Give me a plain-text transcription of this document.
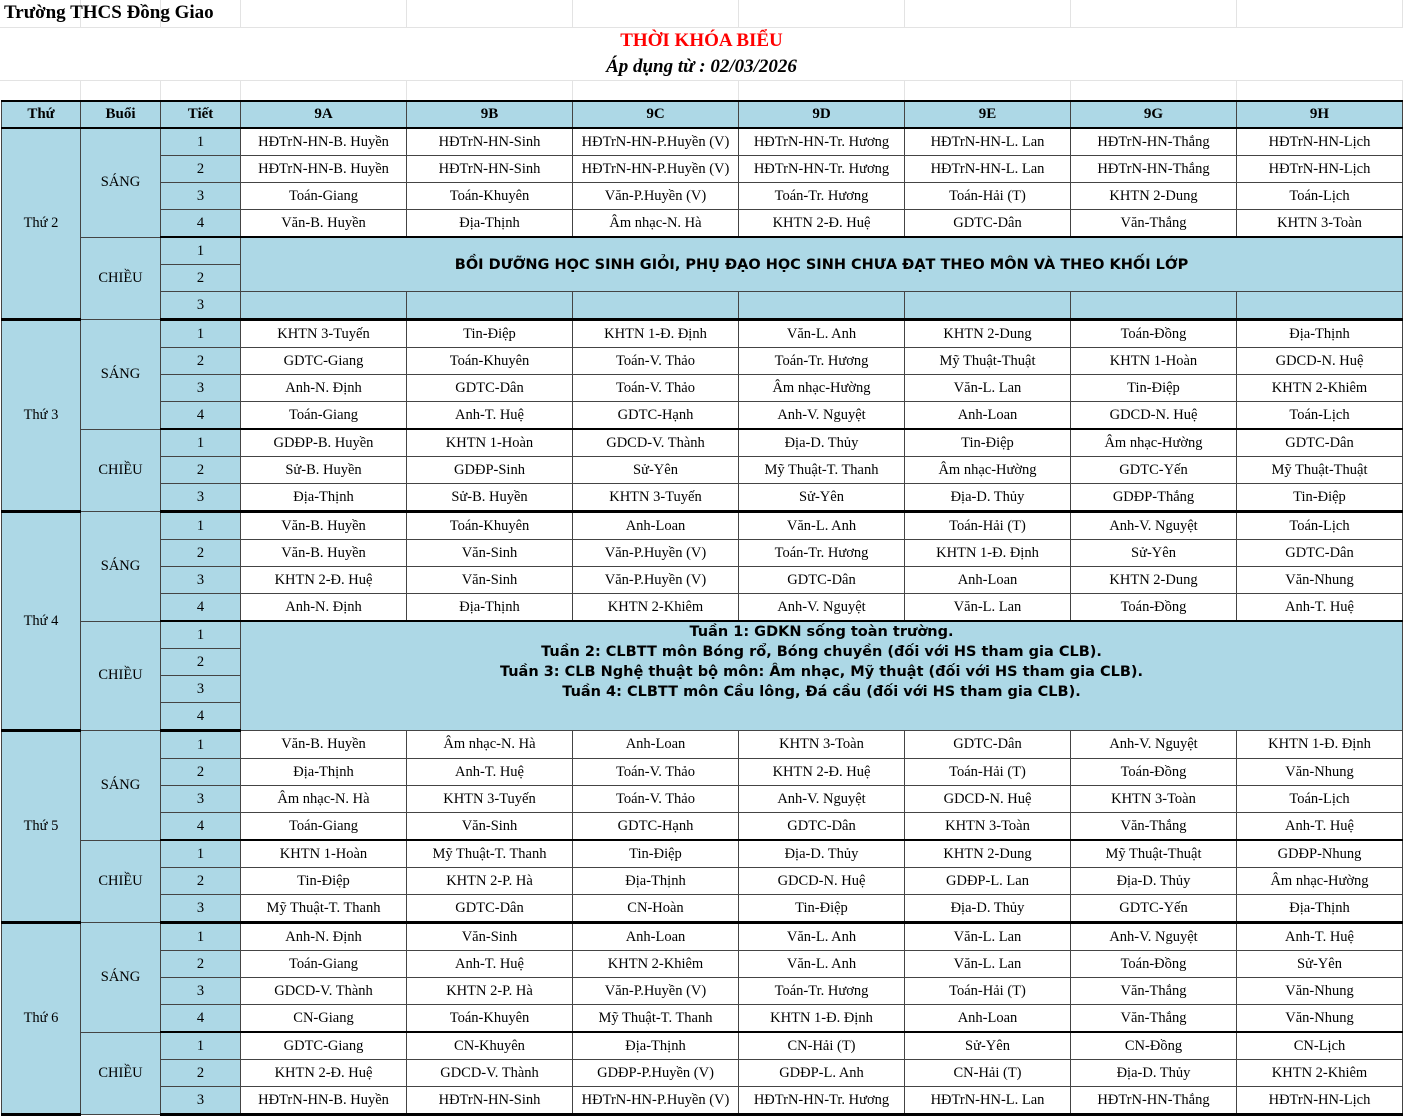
Trường THCS Đồng Giao
THỜI KHÓA BIỂU
Áp dụng từ : 02/03/2026
Thứ	Buổi	Tiết	9A	9B	9C	9D	9E	9G	9H
Thứ 2	SÁNG	1	HĐTrN-HN-B. Huyền	HĐTrN-HN-Sinh	HĐTrN-HN-P.Huyền (V)	HĐTrN-HN-Tr. Hương	HĐTrN-HN-L. Lan	HĐTrN-HN-Thắng	HĐTrN-HN-Lịch
		2	HĐTrN-HN-B. Huyền	HĐTrN-HN-Sinh	HĐTrN-HN-P.Huyền (V)	HĐTrN-HN-Tr. Hương	HĐTrN-HN-L. Lan	HĐTrN-HN-Thắng	HĐTrN-HN-Lịch
		3	Toán-Giang	Toán-Khuyên	Văn-P.Huyền (V)	Toán-Tr. Hương	Toán-Hải (T)	KHTN 2-Dung	Toán-Lịch
		4	Văn-B. Huyền	Địa-Thịnh	Âm nhạc-N. Hà	KHTN 2-Đ. Huệ	GDTC-Dân	Văn-Thắng	KHTN 3-Toàn
	CHIỀU	1	BỒI DƯỠNG HỌC SINH GIỎI, PHỤ ĐẠO HỌC SINH CHƯA ĐẠT THEO MÔN VÀ THEO KHỐI LỚP						
		2							
		3							
Thứ 3	SÁNG	1	KHTN 3-Tuyến	Tin-Điệp	KHTN 1-Đ. Định	Văn-L. Anh	KHTN 2-Dung	Toán-Đồng	Địa-Thịnh
		2	GDTC-Giang	Toán-Khuyên	Toán-V. Thảo	Toán-Tr. Hương	Mỹ Thuật-Thuật	KHTN 1-Hoàn	GDCD-N. Huệ
		3	Anh-N. Định	GDTC-Dân	Toán-V. Thảo	Âm nhạc-Hường	Văn-L. Lan	Tin-Điệp	KHTN 2-Khiêm
		4	Toán-Giang	Anh-T. Huệ	GDTC-Hạnh	Anh-V. Nguyệt	Anh-Loan	GDCD-N. Huệ	Toán-Lịch
	CHIỀU	1	GDĐP-B. Huyền	KHTN 1-Hoàn	GDCD-V. Thành	Địa-D. Thủy	Tin-Điệp	Âm nhạc-Hường	GDTC-Dân
		2	Sử-B. Huyền	GDĐP-Sinh	Sử-Yên	Mỹ Thuật-T. Thanh	Âm nhạc-Hường	GDTC-Yến	Mỹ Thuật-Thuật
		3	Địa-Thịnh	Sử-B. Huyền	KHTN 3-Tuyến	Sử-Yên	Địa-D. Thủy	GDĐP-Thắng	Tin-Điệp
Thứ 4	SÁNG	1	Văn-B. Huyền	Toán-Khuyên	Anh-Loan	Văn-L. Anh	Toán-Hải (T)	Anh-V. Nguyệt	Toán-Lịch
		2	Văn-B. Huyền	Văn-Sinh	Văn-P.Huyền (V)	Toán-Tr. Hương	KHTN 1-Đ. Định	Sử-Yên	GDTC-Dân
		3	KHTN 2-Đ. Huệ	Văn-Sinh	Văn-P.Huyền (V)	GDTC-Dân	Anh-Loan	KHTN 2-Dung	Văn-Nhung
		4	Anh-N. Định	Địa-Thịnh	KHTN 2-Khiêm	Anh-V. Nguyệt	Văn-L. Lan	Toán-Đồng	Anh-T. Huệ
	CHIỀU	1	Tuần 1: GDKN sống toàn trường.
Tuần 2: CLBTT môn Bóng rổ, Bóng chuyền (đối với HS tham gia CLB).
Tuần 3: CLB Nghệ thuật bộ môn: Âm nhạc, Mỹ thuật (đối với HS tham gia CLB).
Tuần 4: CLBTT môn Cầu lông, Đá cầu (đối với HS tham gia CLB).						

		2							
		3							
		4							
Thứ 5	SÁNG	1	Văn-B. Huyền	Âm nhạc-N. Hà	Anh-Loan	KHTN 3-Toàn	GDTC-Dân	Anh-V. Nguyệt	KHTN 1-Đ. Định
		2	Địa-Thịnh	Anh-T. Huệ	Toán-V. Thảo	KHTN 2-Đ. Huệ	Toán-Hải (T)	Toán-Đồng	Văn-Nhung
		3	Âm nhạc-N. Hà	KHTN 3-Tuyến	Toán-V. Thảo	Anh-V. Nguyệt	GDCD-N. Huệ	KHTN 3-Toàn	Toán-Lịch
		4	Toán-Giang	Văn-Sinh	GDTC-Hạnh	GDTC-Dân	KHTN 3-Toàn	Văn-Thắng	Anh-T. Huệ
	CHIỀU	1	KHTN 1-Hoàn	Mỹ Thuật-T. Thanh	Tin-Điệp	Địa-D. Thủy	KHTN 2-Dung	Mỹ Thuật-Thuật	GDĐP-Nhung
		2	Tin-Điệp	KHTN 2-P. Hà	Địa-Thịnh	GDCD-N. Huệ	GDĐP-L. Lan	Địa-D. Thủy	Âm nhạc-Hường
		3	Mỹ Thuật-T. Thanh	GDTC-Dân	CN-Hoàn	Tin-Điệp	Địa-D. Thủy	GDTC-Yến	Địa-Thịnh
Thứ 6	SÁNG	1	Anh-N. Định	Văn-Sinh	Anh-Loan	Văn-L. Anh	Văn-L. Lan	Anh-V. Nguyệt	Anh-T. Huệ
		2	Toán-Giang	Anh-T. Huệ	KHTN 2-Khiêm	Văn-L. Anh	Văn-L. Lan	Toán-Đồng	Sử-Yên
		3	GDCD-V. Thành	KHTN 2-P. Hà	Văn-P.Huyền (V)	Toán-Tr. Hương	Toán-Hải (T)	Văn-Thắng	Văn-Nhung
		4	CN-Giang	Toán-Khuyên	Mỹ Thuật-T. Thanh	KHTN 1-Đ. Định	Anh-Loan	Văn-Thắng	Văn-Nhung
	CHIỀU	1	GDTC-Giang	CN-Khuyên	Địa-Thịnh	CN-Hải (T)	Sử-Yên	CN-Đồng	CN-Lịch
		2	KHTN 2-Đ. Huệ	GDCD-V. Thành	GDĐP-P.Huyền (V)	GDĐP-L. Anh	CN-Hải (T)	Địa-D. Thủy	KHTN 2-Khiêm
		3	HĐTrN-HN-B. Huyền	HĐTrN-HN-Sinh	HĐTrN-HN-P.Huyền (V)	HĐTrN-HN-Tr. Hương	HĐTrN-HN-L. Lan	HĐTrN-HN-Thắng	HĐTrN-HN-Lịch
